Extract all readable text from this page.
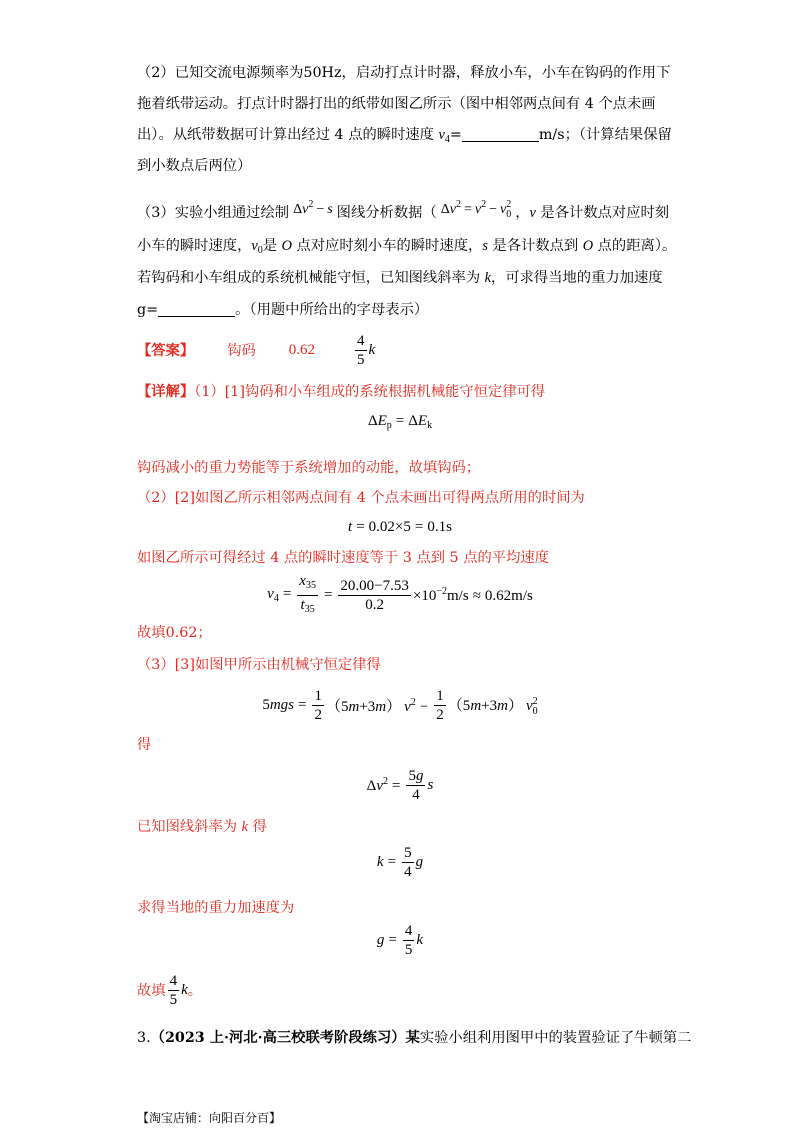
（2）已知交流电源频率为50Hz，启动打点计时器，释放小车，小车在钩码的作用下
拖着纸带运动。打点计时器打出的纸带如图乙所示（图中相邻两点间有 4 个点未画
出）。从纸带数据可计算出经过 4 点的瞬时速度 $v_4=$	m/s；（计算结果保留
到小数点后两位）
（3）实验小组通过绘制 $\Delta v^2 - s$ 图线分析数据（ $\Delta v^2 = v^2 - v$ 2
0 ，v 是各计数点对应时刻
小车的瞬时速度，$v_0$是 O 点对应时刻小车的瞬时速度，s 是各计数点到 O 点的距离）。
若钩码和小车组成的系统机械能守恒，已知图线斜率为 k，可求得当地的重力加速度
g=	。（用题中所给出的字母表示）
【答案】 钩码 0.62	$\frac{4}{5}$ k
【详解】（1）[1]钩码和小车组成的系统根据机械能守恒定律可得
$\Delta E_p = \Delta E_k$
钩码减小的重力势能等于系统增加的动能，故填钩码；
（2）[2]如图乙所示相邻两点间有 4 个点未画出可得两点所用的时间为
t = 0.02×5 = 0.1s
如图乙所示可得经过 4 点的瞬时速度等于 3 点到 5 点的平均速度
$v_4 = \frac{x_{35}}{t_{35}} = \frac{20.00-7.53}{0.2} \times 10^{-2}m/s \approx 0.62m/s$
故填0.62；
（3）[3]如图甲所示由机械守恒定律得
$5mgs = \frac{1}{2} (5m+3m) v^2 - \frac{1}{2} (5m+3m)$ v 2
0
得
$\Delta v^2 = \frac{5g}{4}$ s
已知图线斜率为 k 得
$k = \frac{5}{4}$ g
求得当地的重力加速度为
$g = \frac{4}{5}$ k
故填 $\frac{4}{5}$ k 。
3.（2023 上·河北·高三校联考阶段练习）某实验小组利用图甲中的装置验证了牛顿第二
【淘宝店铺：向阳百分百】
